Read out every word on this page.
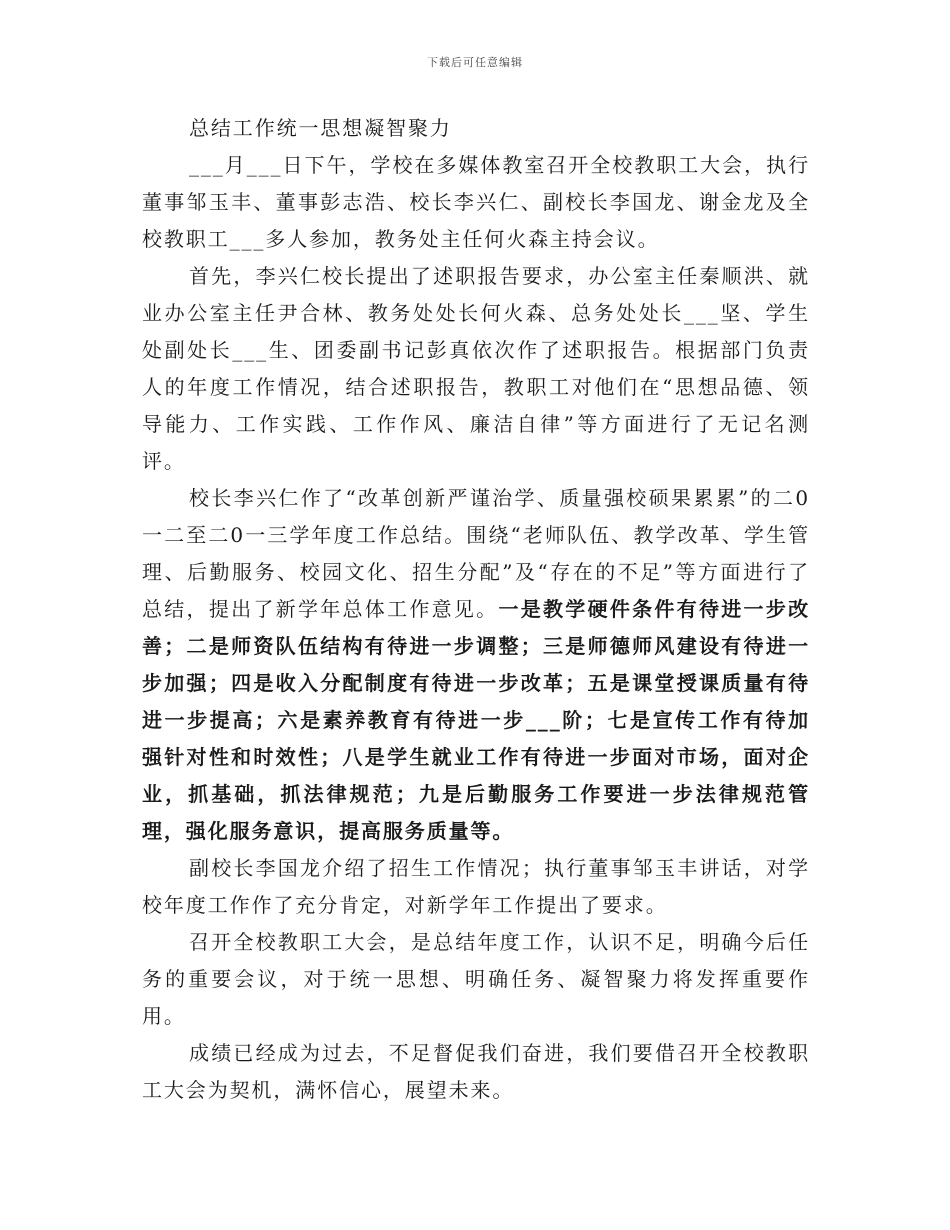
下载后可任意编辑

总结工作统一思想凝智聚力

___月___日下午，学校在多媒体教室召开全校教职工大会，执行董事邹玉丰、董事彭志浩、校长李兴仁、副校长李国龙、谢金龙及全校教职工___多人参加，教务处主任何火森主持会议。

首先，李兴仁校长提出了述职报告要求，办公室主任秦顺洪、就业办公室主任尹合林、教务处处长何火森、总务处处长___坚、学生处副处长___生、团委副书记彭真依次作了述职报告。根据部门负责人的年度工作情况，结合述职报告，教职工对他们在“思想品德、领导能力、工作实践、工作作风、廉洁自律”等方面进行了无记名测评。

校长李兴仁作了“改革创新严谨治学、质量强校硕果累累”的二0一二至二0一三学年度工作总结。围绕“老师队伍、教学改革、学生管理、后勤服务、校园文化、招生分配”及“存在的不足”等方面进行了总结，提出了新学年总体工作意见。一是教学硬件条件有待进一步改善；二是师资队伍结构有待进一步调整；三是师德师风建设有待进一步加强；四是收入分配制度有待进一步改革；五是课堂授课质量有待进一步提高；六是素养教育有待进一步___阶；七是宣传工作有待加强针对性和时效性；八是学生就业工作有待进一步面对市场，面对企业，抓基础，抓法律规范；九是后勤服务工作要进一步法律规范管理，强化服务意识，提高服务质量等。

副校长李国龙介绍了招生工作情况；执行董事邹玉丰讲话，对学校年度工作作了充分肯定，对新学年工作提出了要求。

召开全校教职工大会，是总结年度工作，认识不足，明确今后任务的重要会议，对于统一思想、明确任务、凝智聚力将发挥重要作用。

成绩已经成为过去，不足督促我们奋进，我们要借召开全校教职工大会为契机，满怀信心，展望未来。
